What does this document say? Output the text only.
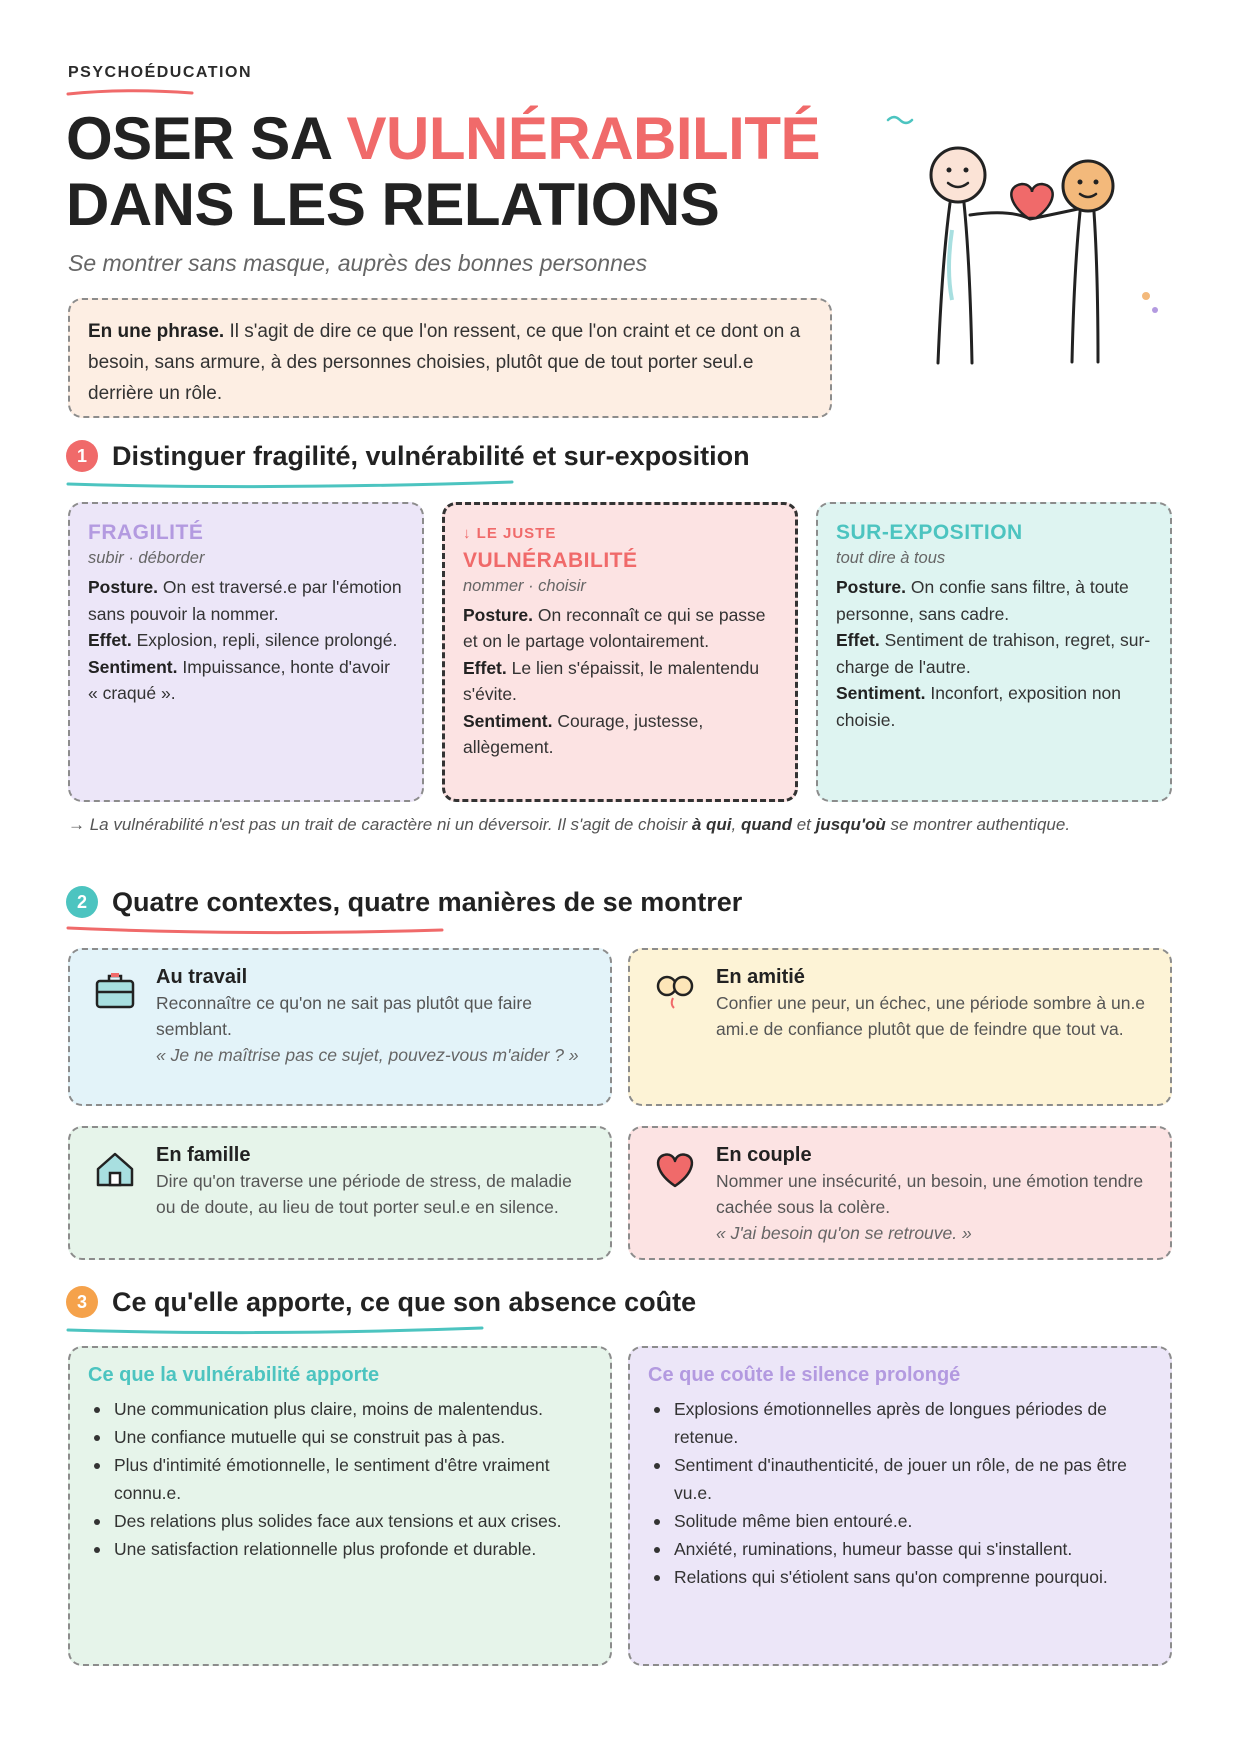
PSYCHOÉDUCATION
OSER SA VULNÉRABILITÉ
DANS LES RELATIONS
Se montrer sans masque, auprès des bonnes personnes
En une phrase. Il s'agit de dire ce que l'on ressent, ce que l'on craint et ce dont on a besoin, sans armure, à des personnes choisies, plutôt que de tout porter seul.e derrière un rôle.
1 Distinguer fragilité, vulnérabilité et sur-exposition
FRAGILITÉ
subir · déborder

Posture. On est traversé.e par l'émotion sans pouvoir la nommer.
Effet. Explosion, repli, silence prolongé.
Sentiment. Impuissance, honte d'avoir « craqué ».

↓ LE JUSTE
VULNÉRABILITÉ
nommer · choisir

Posture. On reconnaît ce qui se passe et on le partage volontairement.
Effet. Le lien s'épaissit, le malentendu s'évite.
Sentiment. Courage, justesse, allègement.

SUR-EXPOSITION
tout dire à tous

Posture. On confie sans filtre, à toute personne, sans cadre.
Effet. Sentiment de trahison, regret, sur-charge de l'autre.
Sentiment. Inconfort, exposition non choisie.

→ La vulnérabilité n'est pas un trait de caractère ni un déversoir. Il s'agit de choisir à qui, quand et jusqu'où se montrer authentique.
2 Quatre contextes, quatre manières de se montrer
Au travail
Reconnaître ce qu'on ne sait pas plutôt que faire semblant.
« Je ne maîtrise pas ce sujet, pouvez-vous m'aider ? »
En amitié
Confier une peur, un échec, une période sombre à un.e ami.e de confiance plutôt que de feindre que tout va.
En famille
Dire qu'on traverse une période de stress, de maladie ou de doute, au lieu de tout porter seul.e en silence.
En couple
Nommer une insécurité, un besoin, une émotion tendre cachée sous la colère.
« J'ai besoin qu'on se retrouve. »
3 Ce qu'elle apporte, ce que son absence coûte
Ce que la vulnérabilité apporte
Une communication plus claire, moins de malentendus.
Une confiance mutuelle qui se construit pas à pas.
Plus d'intimité émotionnelle, le sentiment d'être vraiment connu.e.
Des relations plus solides face aux tensions et aux crises.
Une satisfaction relationnelle plus profonde et durable.
Ce que coûte le silence prolongé
Explosions émotionnelles après de longues périodes de retenue.
Sentiment d'inauthenticité, de jouer un rôle, de ne pas être vu.e.
Solitude même bien entouré.e.
Anxiété, ruminations, humeur basse qui s'installent.
Relations qui s'étiolent sans qu'on comprenne pourquoi.
